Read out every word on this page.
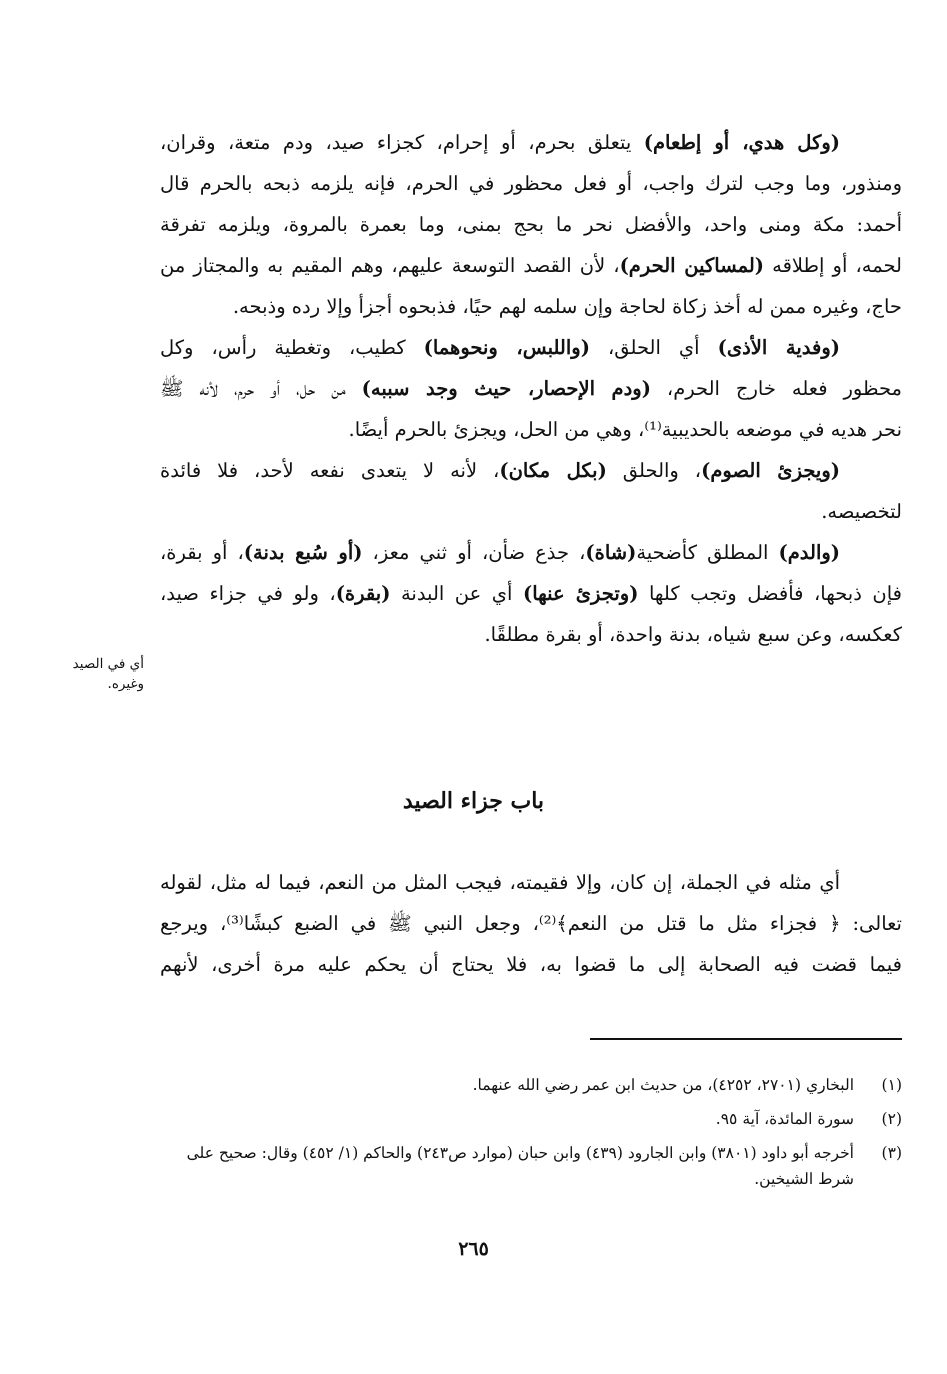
(وكل هدي، أو إطعام) يتعلق بحرم، أو إحرام، كجزاء صيد، ودم متعة، وقران،
ومنذور، وما وجب لترك واجب، أو فعل محظور في الحرم، فإنه يلزمه ذبحه بالحرم قال
أحمد: مكة ومنى واحد، والأفضل نحر ما بحج بمنى، وما بعمرة بالمروة، ويلزمه تفرقة
لحمه، أو إطلاقه (لمساكين الحرم)، لأن القصد التوسعة عليهم، وهم المقيم به والمجتاز من
حاج، وغيره ممن له أخذ زكاة لحاجة وإن سلمه لهم حيًا، فذبحوه أجزأ وإلا رده وذبحه.
(وفدية الأذى) أي الحلق، (واللبس، ونحوهما) كطيب، وتغطية رأس، وكل
محظور فعله خارج الحرم، (ودم الإحصار، حيث وجد سببه) من حل، أو حرم، لأنه ﷺ
نحر هديه في موضعه بالحديبية⁽¹⁾، وهي من الحل، ويجزئ بالحرم أيضًا.
(ويجزئ الصوم)، والحلق (بكل مكان)، لأنه لا يتعدى نفعه لأحد، فلا فائدة
لتخصيصه.
(والدم) المطلق كأضحية(شاة)، جذع ضأن، أو ثني معز، (أو سُبع بدنة)، أو بقرة،
فإن ذبحها، فأفضل وتجب كلها (وتجزئ عنها) أي عن البدنة (بقرة)، ولو في جزاء صيد،
كعكسه، وعن سبع شياه، بدنة واحدة، أو بقرة مطلقًا.
أي في الصيد وغيره.
باب جزاء الصيد
أي مثله في الجملة، إن كان، وإلا فقيمته، فيجب المثل من النعم، فيما له مثل، لقوله
تعالى: ﴿ فجزاء مثل ما قتل من النعم﴾⁽²⁾، وجعل النبي ﷺ في الضبع كبشًا⁽³⁾، ويرجع
فيما قضت فيه الصحابة إلى ما قضوا به، فلا يحتاج أن يحكم عليه مرة أخرى، لأنهم
(١)
البخاري (٢٧٠١، ٤٢٥٢)، من حديث ابن عمر رضي الله عنهما.
(٢)
سورة المائدة، آية ٩٥.
(٣)
أخرجه أبو داود (٣٨٠١) وابن الجارود (٤٣٩) وابن حبان (موارد ص٢٤٣) والحاكم (١/ ٤٥٢) وقال: صحيح على شرط الشيخين.
٢٦٥
